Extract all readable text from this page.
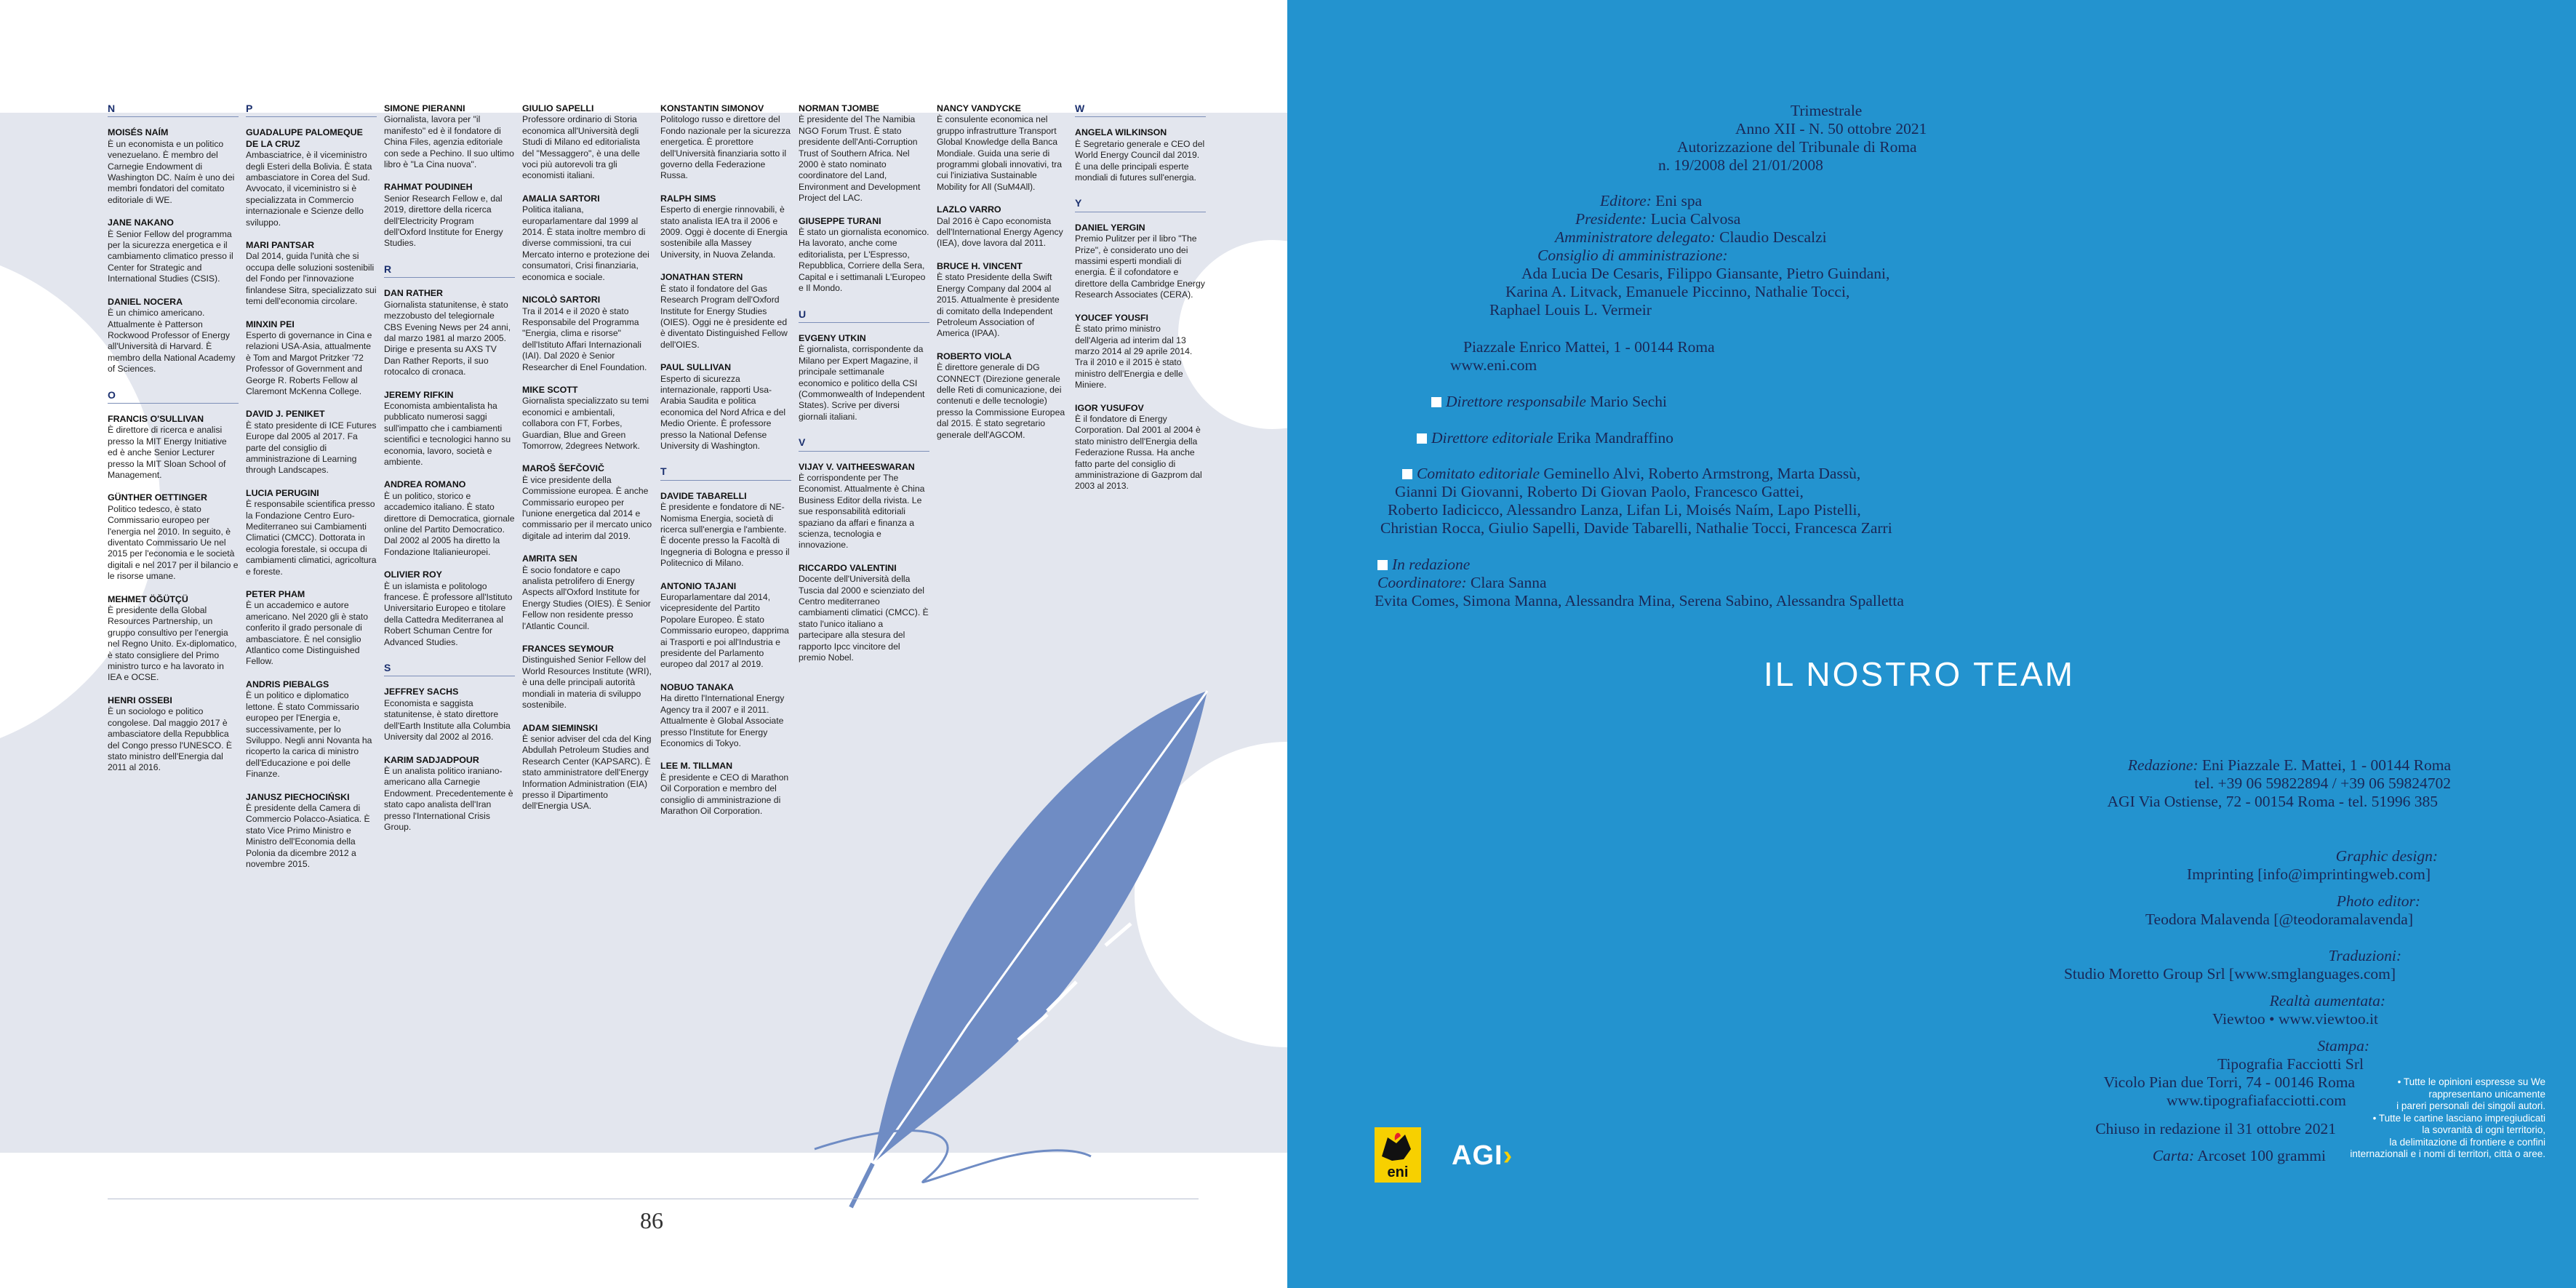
N
MOISÉS NAÍM
È un economista e un politico venezuelano. È membro del Carnegie Endowment di Washington DC. Naím è uno dei membri fondatori del comitato editoriale di WE.
JANE NAKANO
È Senior Fellow del programma per la sicurezza energetica e il cambiamento climatico presso il Center for Strategic and International Studies (CSIS).
DANIEL NOCERA
È un chimico americano. Attualmente è Patterson Rockwood Professor of Energy all'Università di Harvard. È membro della National Academy of Sciences.
O
FRANCIS O'SULLIVAN
È direttore di ricerca e analisi presso la MIT Energy Initiative ed è anche Senior Lecturer presso la MIT Sloan School of Management.
GÜNTHER OETTINGER
Politico tedesco, è stato Commissario europeo per l'energia nel 2010. In seguito, è diventato Commissario Ue nel 2015 per l'economia e le società digitali e nel 2017 per il bilancio e le risorse umane.
MEHMET ÖĞÜTÇÜ
È presidente della Global Resources Partnership, un gruppo consultivo per l'energia nel Regno Unito. Ex-diplomatico, è stato consigliere del Primo ministro turco e ha lavorato in IEA e OCSE.
HENRI OSSEBI
È un sociologo e politico congolese. Dal maggio 2017 è ambasciatore della Repubblica del Congo presso l'UNESCO. È stato ministro dell'Energia dal 2011 al 2016.
P
GUADALUPE PALOMEQUE DE LA CRUZ
Ambasciatrice, è il viceministro degli Esteri della Bolivia. È stata ambasciatore in Corea del Sud. Avvocato, il viceministro si è specializzata in Commercio internazionale e Scienze dello sviluppo.
MARI PANTSAR
Dal 2014, guida l'unità che si occupa delle soluzioni sostenibili del Fondo per l'innovazione finlandese Sitra, specializzato sui temi dell'economia circolare.
MINXIN PEI
Esperto di governance in Cina e relazioni USA-Asia, attualmente è Tom and Margot Pritzker '72 Professor of Government and George R. Roberts Fellow al Claremont McKenna College.
DAVID J. PENIKET
È stato presidente di ICE Futures Europe dal 2005 al 2017. Fa parte del consiglio di amministrazione di Learning through Landscapes.
LUCIA PERUGINI
È responsabile scientifica presso la Fondazione Centro Euro-Mediterraneo sui Cambiamenti Climatici (CMCC). Dottorata in ecologia forestale, si occupa di cambiamenti climatici, agricoltura e foreste.
PETER PHAM
È un accademico e autore americano. Nel 2020 gli è stato conferito il grado personale di ambasciatore. È nel consiglio Atlantico come Distinguished Fellow.
ANDRIS PIEBALGS
È un politico e diplomatico lettone. È stato Commissario europeo per l'Energia e, successivamente, per lo Sviluppo. Negli anni Novanta ha ricoperto la carica di ministro dell'Educazione e poi delle Finanze.
JANUSZ PIECHOCIŃSKI
È presidente della Camera di Commercio Polacco-Asiatica. È stato Vice Primo Ministro e Ministro dell'Economia della Polonia da dicembre 2012 a novembre 2015.
SIMONE PIERANNI
Giornalista, lavora per "il manifesto" ed è il fondatore di China Files, agenzia editoriale con sede a Pechino. Il suo ultimo libro è "La Cina nuova".
RAHMAT POUDINEH
Senior Research Fellow e, dal 2019, direttore della ricerca dell'Electricity Program dell'Oxford Institute for Energy Studies.
R
DAN RATHER
Giornalista statunitense, è stato mezzobusto del telegiornale CBS Evening News per 24 anni, dal marzo 1981 al marzo 2005. Dirige e presenta su AXS TV Dan Rather Reports, il suo rotocalco di cronaca.
JEREMY RIFKIN
Economista ambientalista ha pubblicato numerosi saggi sull'impatto che i cambiamenti scientifici e tecnologici hanno su economia, lavoro, società e ambiente.
ANDREA ROMANO
È un politico, storico e accademico italiano. È stato direttore di Democratica, giornale online del Partito Democratico. Dal 2002 al 2005 ha diretto la Fondazione Italianieuropei.
OLIVIER ROY
È un islamista e politologo francese. È professore all'Istituto Universitario Europeo e titolare della Cattedra Mediterranea al Robert Schuman Centre for Advanced Studies.
S
JEFFREY SACHS
Economista e saggista statunitense, è stato direttore dell'Earth Institute alla Columbia University dal 2002 al 2016.
KARIM SADJADPOUR
È un analista politico iraniano-americano alla Carnegie Endowment. Precedentemente è stato capo analista dell'Iran presso l'International Crisis Group.
GIULIO SAPELLI
Professore ordinario di Storia economica all'Università degli Studi di Milano ed editorialista del "Messaggero", è una delle voci più autorevoli tra gli economisti italiani.
AMALIA SARTORI
Politica italiana, europarlamentare dal 1999 al 2014. È stata inoltre membro di diverse commissioni, tra cui Mercato interno e protezione dei consumatori, Crisi finanziaria, economica e sociale.
NICOLÒ SARTORI
Tra il 2014 e il 2020 è stato Responsabile del Programma "Energia, clima e risorse" dell'Istituto Affari Internazionali (IAI). Dal 2020 è Senior Researcher di Enel Foundation.
MIKE SCOTT
Giornalista specializzato su temi economici e ambientali, collabora con FT, Forbes, Guardian, Blue and Green Tomorrow, 2degrees Network.
MAROŠ ŠEFČOVIČ
È vice presidente della Commissione europea. È anche Commissario europeo per l'unione energetica dal 2014 e commissario per il mercato unico digitale ad interim dal 2019.
AMRITA SEN
È socio fondatore e capo analista petrolifero di Energy Aspects all'Oxford Institute for Energy Studies (OIES). È Senior Fellow non residente presso l'Atlantic Council.
FRANCES SEYMOUR
Distinguished Senior Fellow del World Resources Institute (WRI), è una delle principali autorità mondiali in materia di sviluppo sostenibile.
ADAM SIEMINSKI
È senior adviser del cda del King Abdullah Petroleum Studies and Research Center (KAPSARC). È stato amministratore dell'Energy Information Administration (EIA) presso il Dipartimento dell'Energia USA.
KONSTANTIN SIMONOV
Politologo russo e direttore del Fondo nazionale per la sicurezza energetica. È prorettore dell'Università finanziaria sotto il governo della Federazione Russa.
RALPH SIMS
Esperto di energie rinnovabili, è stato analista IEA tra il 2006 e 2009. Oggi è docente di Energia sostenibile alla Massey University, in Nuova Zelanda.
JONATHAN STERN
È stato il fondatore del Gas Research Program dell'Oxford Institute for Energy Studies (OIES). Oggi ne è presidente ed è diventato Distinguished Fellow dell'OIES.
PAUL SULLIVAN
Esperto di sicurezza internazionale, rapporti Usa- Arabia Saudita e politica economica del Nord Africa e del Medio Oriente. È professore presso la National Defense University di Washington.
T
DAVIDE TABARELLI
È presidente e fondatore di NE-Nomisma Energia, società di ricerca sull'energia e l'ambiente. È docente presso la Facoltà di Ingegneria di Bologna e presso il Politecnico di Milano.
ANTONIO TAJANI
Europarlamentare dal 2014, vicepresidente del Partito Popolare Europeo. È stato Commissario europeo, dapprima ai Trasporti e poi all'Industria e presidente del Parlamento europeo dal 2017 al 2019.
NOBUO TANAKA
Ha diretto l'International Energy Agency tra il 2007 e il 2011. Attualmente è Global Associate presso l'Institute for Energy Economics di Tokyo.
LEE M. TILLMAN
È presidente e CEO di Marathon Oil Corporation e membro del consiglio di amministrazione di Marathon Oil Corporation.
NORMAN TJOMBE
È presidente del The Namibia NGO Forum Trust. È stato presidente dell'Anti-Corruption Trust of Southern Africa. Nel 2000 è stato nominato coordinatore del Land, Environment and Development Project del LAC.
GIUSEPPE TURANI
È stato un giornalista economico. Ha lavorato, anche come editorialista, per L'Espresso, Repubblica, Corriere della Sera, Capital e i settimanali L'Europeo e Il Mondo.
U
EVGENY UTKIN
È giornalista, corrispondente da Milano per Expert Magazine, il principale settimanale economico e politico della CSI (Commonwealth of Independent States). Scrive per diversi giornali italiani.
V
VIJAY V. VAITHEESWARAN
È corrispondente per The Economist. Attualmente è China Business Editor della rivista. Le sue responsabilità editoriali spaziano da affari e finanza a scienza, tecnologia e innovazione.
RICCARDO VALENTINI
Docente dell'Università della Tuscia dal 2000 e scienziato del Centro mediterraneo cambiamenti climatici (CMCC). È stato l'unico italiano a partecipare alla stesura del rapporto Ipcc vincitore del premio Nobel.
NANCY VANDYCKE
È consulente economica nel gruppo infrastrutture Transport Global Knowledge della Banca Mondiale. Guida una serie di programmi globali innovativi, tra cui l'iniziativa Sustainable Mobility for All (SuM4All).
LAZLO VARRO
Dal 2016 è Capo economista dell'International Energy Agency (IEA), dove lavora dal 2011.
BRUCE H. VINCENT
È stato Presidente della Swift Energy Company dal 2004 al 2015. Attualmente è presidente di comitato della Independent Petroleum Association of America (IPAA).
ROBERTO VIOLA
È direttore generale di DG CONNECT (Direzione generale delle Reti di comunicazione, dei contenuti e delle tecnologie) presso la Commissione Europea dal 2015. È stato segretario generale dell'AGCOM.
W
ANGELA WILKINSON
È Segretario generale e CEO del World Energy Council dal 2019. È una delle principali esperte mondiali di futures sull'energia.
Y
DANIEL YERGIN
Premio Pulitzer per il libro "The Prize", è considerato uno dei massimi esperti mondiali di energia. È il cofondatore e direttore della Cambridge Energy Research Associates (CERA).
YOUCEF YOUSFI
È stato primo ministro dell'Algeria ad interim dal 13 marzo 2014 al 29 aprile 2014. Tra il 2010 e il 2015 è stato ministro dell'Energia e delle Miniere.
IGOR YUSUFOV
È il fondatore di Energy Corporation. Dal 2001 al 2004 è stato ministro dell'Energia della Federazione Russa. Ha anche fatto parte del consiglio di amministrazione di Gazprom dal 2003 al 2013.
86
Trimestrale
Anno XII - N. 50 ottobre 2021
Autorizzazione del Tribunale di Roma
n. 19/2008 del 21/01/2008
Editore: Eni spa
Presidente: Lucia Calvosa
Amministratore delegato: Claudio Descalzi
Consiglio di amministrazione:
Ada Lucia De Cesaris, Filippo Giansante, Pietro Guindani,
Karina A. Litvack, Emanuele Piccinno, Nathalie Tocci,
Raphael Louis L. Vermeir
Piazzale Enrico Mattei, 1 - 00144 Roma
www.eni.com
Direttore responsabile Mario Sechi
Direttore editoriale Erika Mandraffino
Comitato editoriale Geminello Alvi, Roberto Armstrong, Marta Dassù,
Gianni Di Giovanni, Roberto Di Giovan Paolo, Francesco Gattei,
Roberto Iadicicco, Alessandro Lanza, Lifan Li, Moisés Naím, Lapo Pistelli,
Christian Rocca, Giulio Sapelli, Davide Tabarelli, Nathalie Tocci, Francesca Zarri
In redazione
Coordinatore: Clara Sanna
Evita Comes, Simona Manna, Alessandra Mina, Serena Sabino, Alessandra Spalletta
IL NOSTRO TEAM
Redazione: Eni Piazzale E. Mattei, 1 - 00144 Roma
tel. +39 06 59822894 / +39 06 59824702
AGI Via Ostiense, 72 - 00154 Roma - tel. 51996 385
Graphic design:
Imprinting [info@imprintingweb.com]
Photo editor:
Teodora Malavenda [@teodoramalavenda]
Traduzioni:
Studio Moretto Group Srl [www.smglanguages.com]
Realtà aumentata:
Viewtoo • www.viewtoo.it
Stampa:
Tipografia Facciotti Srl
Vicolo Pian due Torri, 74 - 00146 Roma
www.tipografiafacciotti.com
Chiuso in redazione il 31 ottobre 2021
Carta: Arcoset 100 grammi
• Tutte le opinioni espresse su We
rappresentano unicamente
i pareri personali dei singoli autori.
• Tutte le cartine lasciano impregiudicati
la sovranità di ogni territorio,
la delimitazione di frontiere e confini
internazionali e i nomi di territori, città o aree.
eni
AGI›
